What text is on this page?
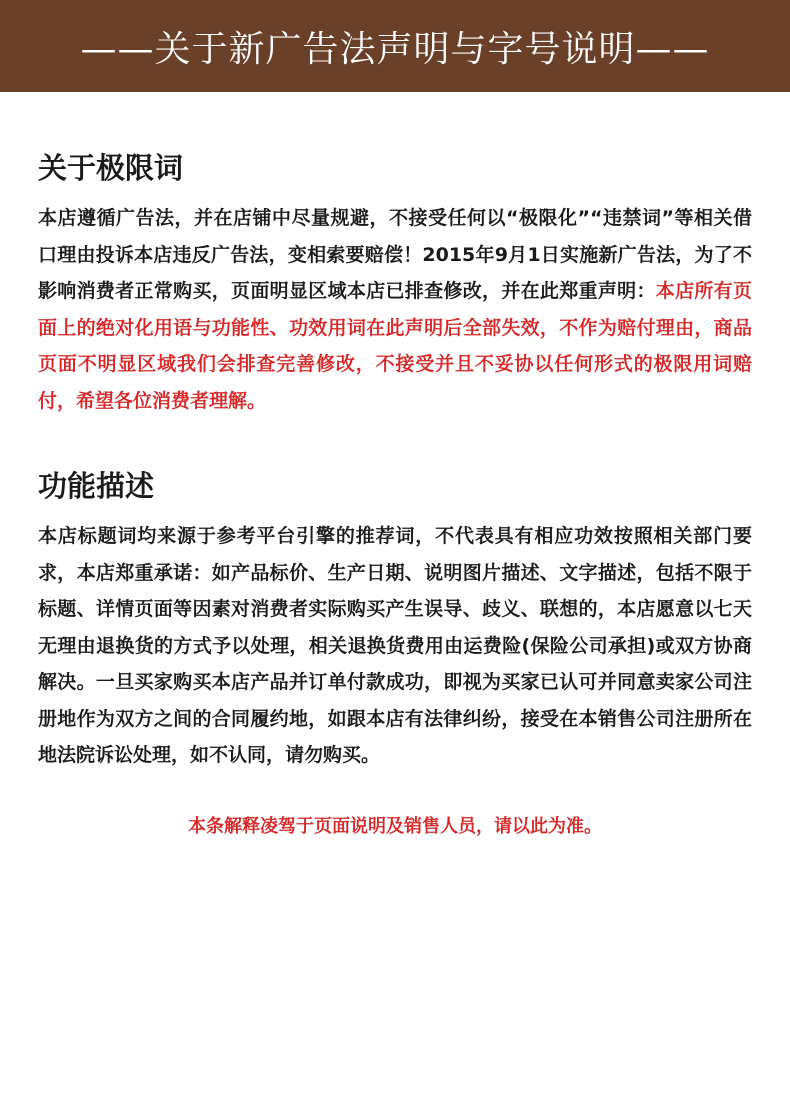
——关于新广告法声明与字号说明——
关于极限词

本店遵循广告法，并在店铺中尽量规避，不接受任何以“极限化”“违禁词”等相关借口理由投诉本店违反广告法，变相索要赔偿！2015年9月1日实施新广告法，为了不影响消费者正常购买，页面明显区域本店已排查修改，并在此郑重声明：本店所有页面上的绝对化用语与功能性、功效用词在此声明后全部失效，不作为赔付理由，商品页面不明显区域我们会排查完善修改，不接受并且不妥协以任何形式的极限用词赔付，希望各位消费者理解。

功能描述

本店标题词均来源于参考平台引擎的推荐词，不代表具有相应功效按照相关部门要求，本店郑重承诺：如产品标价、生产日期、说明图片描述、文字描述，包括不限于标题、详情页面等因素对消费者实际购买产生误导、歧义、联想的，本店愿意以七天无理由退换货的方式予以处理，相关退换货费用由运费险(保险公司承担)或双方协商解决。一旦买家购买本店产品并订单付款成功，即视为买家已认可并同意卖家公司注册地作为双方之间的合同履约地，如跟本店有法律纠纷，接受在本销售公司注册所在地法院诉讼处理，如不认同，请勿购买。

本条解释凌驾于页面说明及销售人员，请以此为准。
